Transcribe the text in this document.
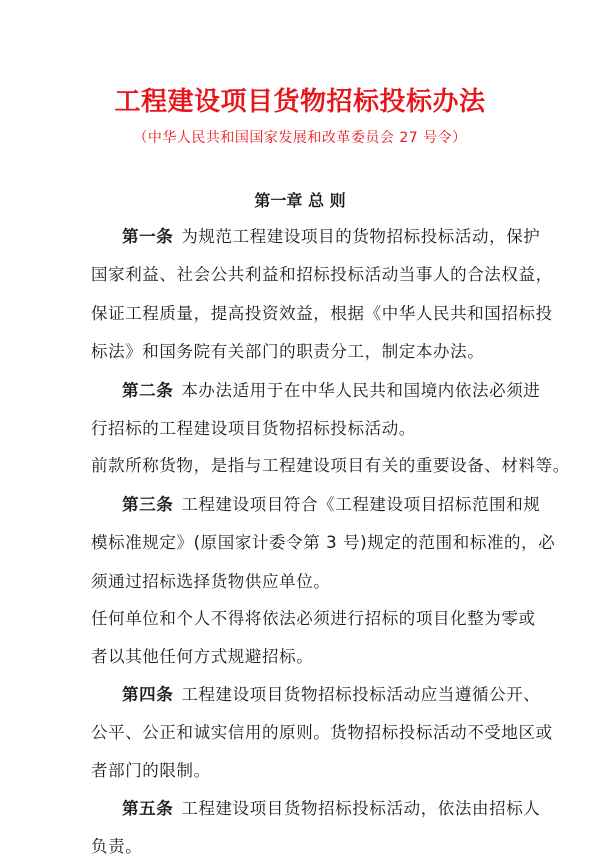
工程建设项目货物招标投标办法
（中华人民共和国国家发展和改革委员会 27 号令）
第一章 总 则
第一条 为规范工程建设项目的货物招标投标活动，保护
国家利益、社会公共利益和招标投标活动当事人的合法权益，
保证工程质量，提高投资效益，根据《中华人民共和国招标投
标法》和国务院有关部门的职责分工，制定本办法。
第二条 本办法适用于在中华人民共和国境内依法必须进
行招标的工程建设项目货物招标投标活动。
前款所称货物，是指与工程建设项目有关的重要设备、材料等。
第三条 工程建设项目符合《工程建设项目招标范围和规
模标准规定》(原国家计委令第 3 号)规定的范围和标准的，必
须通过招标选择货物供应单位。
任何单位和个人不得将依法必须进行招标的项目化整为零或
者以其他任何方式规避招标。
第四条 工程建设项目货物招标投标活动应当遵循公开、
公平、公正和诚实信用的原则。货物招标投标活动不受地区或
者部门的限制。
第五条 工程建设项目货物招标投标活动，依法由招标人
负责。
